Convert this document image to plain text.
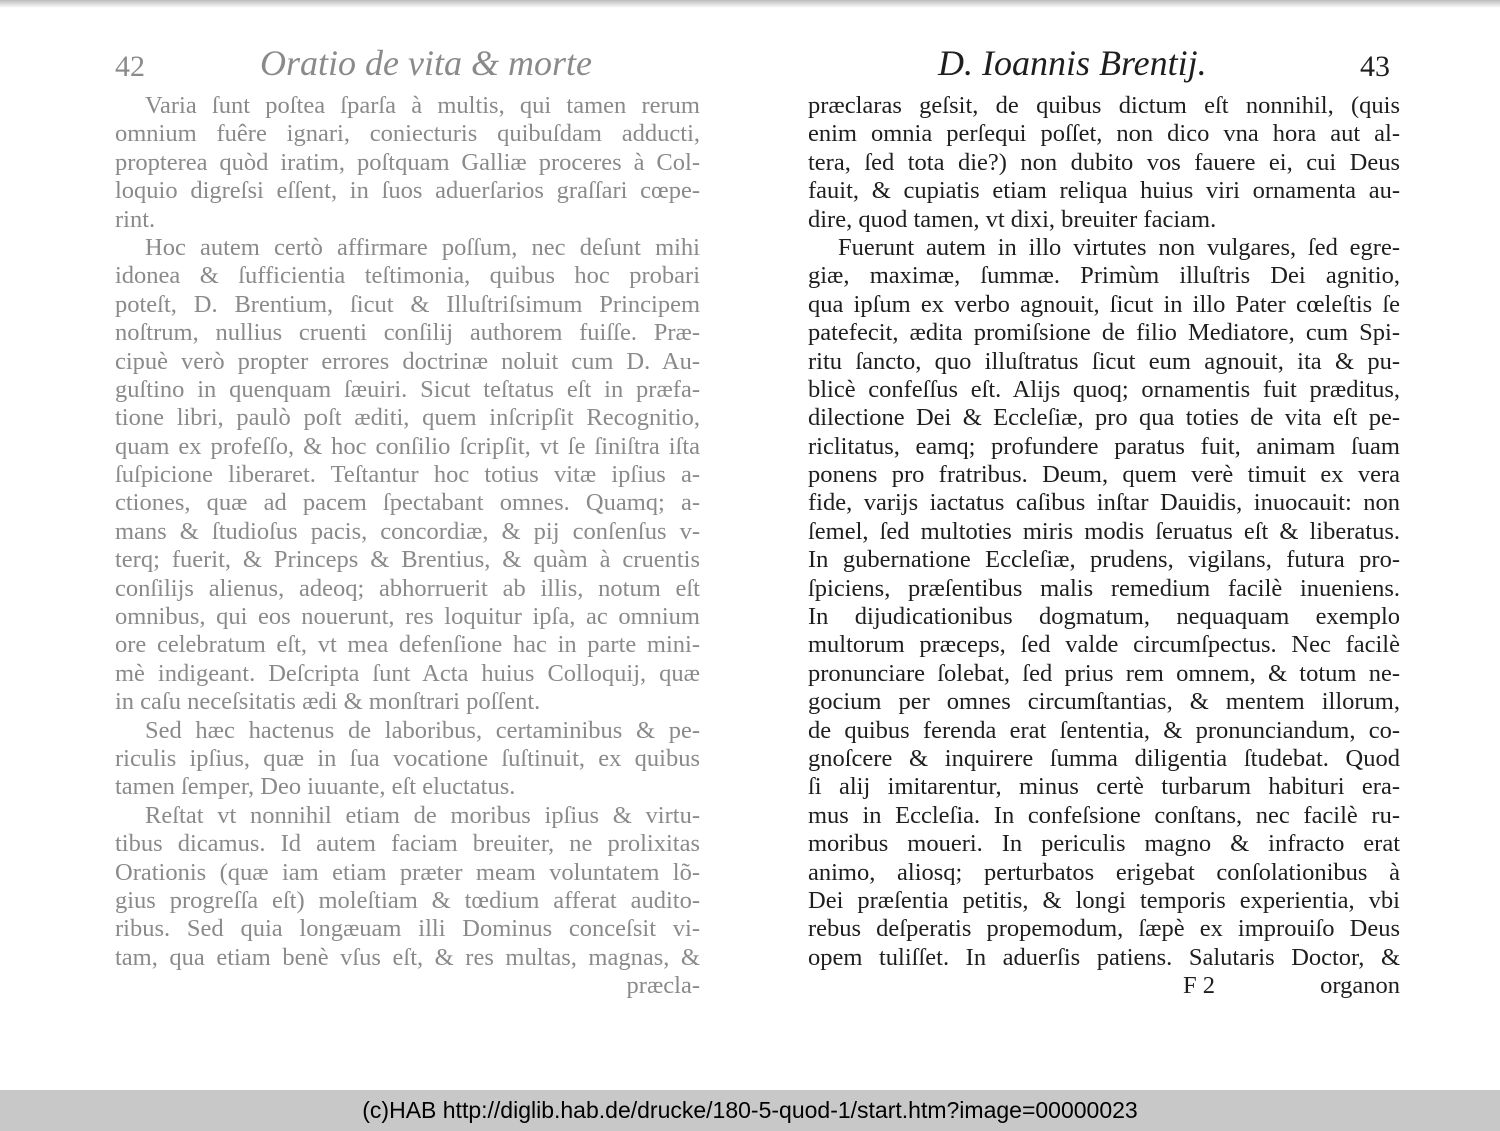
42	Oratio de vita & morte
Varia ſunt poſtea ſparſa à multis, qui tamen rerum
omnium fuêre ignari, coniecturis quibuſdam adducti,
propterea quòd iratim, poſtquam Galliæ proceres à Col-
loquio digreſsi eſſent, in ſuos aduerſarios graſſari cœpe-
rint.
Hoc autem certò affirmare poſſum, nec deſunt mihi
idonea & ſufficientia teſtimonia, quibus hoc probari
poteſt, D. Brentium, ſicut & Illuſtriſsimum Principem
noſtrum, nullius cruenti conſilij authorem fuiſſe. Præ-
cipuè verò propter errores doctrinæ noluit cum D. Au-
guſtino in quenquam ſæuiri. Sicut teſtatus eſt in præfa-
tione libri, paulò poſt æditi, quem inſcripſit Recognitio,
quam ex profeſſo, & hoc conſilio ſcripſit, vt ſe ſiniſtra iſta
ſuſpicione liberaret. Teſtantur hoc totius vitæ ipſius a-
ctiones, quæ ad pacem ſpectabant omnes. Quamq; a-
mans & ſtudioſus pacis, concordiæ, & pij conſenſus v-
terq; fuerit, & Princeps & Brentius, & quàm à cruentis
conſilijs alienus, adeoq; abhorruerit ab illis, notum eſt
omnibus, qui eos nouerunt, res loquitur ipſa, ac omnium
ore celebratum eſt, vt mea defenſione hac in parte mini-
mè indigeant. Deſcripta ſunt Acta huius Colloquij, quæ
in caſu neceſsitatis ædi & monſtrari poſſent.
Sed hæc hactenus de laboribus, certaminibus & pe-
riculis ipſius, quæ in ſua vocatione ſuſtinuit, ex quibus
tamen ſemper, Deo iuuante, eſt eluctatus.
Reſtat vt nonnihil etiam de moribus ipſius & virtu-
tibus dicamus. Id autem faciam breuiter, ne prolixitas
Orationis (quæ iam etiam præter meam voluntatem lõ-
gius progreſſa eſt) moleſtiam & tœdium afferat audito-
ribus. Sed quia longæuam illi Dominus conceſsit vi-
tam, qua etiam benè vſus eſt, & res multas, magnas, &
præcla-
D. Ioannis Brentij.	43
præclaras geſsit, de quibus dictum eſt nonnihil, (quis
enim omnia perſequi poſſet, non dico vna hora aut al-
tera, ſed tota die?) non dubito vos fauere ei, cui Deus
fauit, & cupiatis etiam reliqua huius viri ornamenta au-
dire, quod tamen, vt dixi, breuiter faciam.
Fuerunt autem in illo virtutes non vulgares, ſed egre-
giæ, maximæ, ſummæ. Primùm illuſtris Dei agnitio,
qua ipſum ex verbo agnouit, ſicut in illo Pater cœleſtis ſe
patefecit, ædita promiſsione de filio Mediatore, cum Spi-
ritu ſancto, quo illuſtratus ſicut eum agnouit, ita & pu-
blicè confeſſus eſt. Alijs quoq; ornamentis fuit præditus,
dilectione Dei & Eccleſiæ, pro qua toties de vita eſt pe-
riclitatus, eamq; profundere paratus fuit, animam ſuam
ponens pro fratribus. Deum, quem verè timuit ex vera
fide, varijs iactatus caſibus inſtar Dauidis, inuocauit: non
ſemel, ſed multoties miris modis ſeruatus eſt & liberatus.
In gubernatione Eccleſiæ, prudens, vigilans, futura pro-
ſpiciens, præſentibus malis remedium facilè inueniens.
In dijudicationibus dogmatum, nequaquam exemplo
multorum præceps, ſed valde circumſpectus. Nec facilè
pronunciare ſolebat, ſed prius rem omnem, & totum ne-
gocium per omnes circumſtantias, & mentem illorum,
de quibus ferenda erat ſententia, & pronunciandum, co-
gnoſcere & inquirere ſumma diligentia ſtudebat. Quod
ſi alij imitarentur, minus certè turbarum habituri era-
mus in Eccleſia. In confeſsione conſtans, nec facilè ru-
moribus moueri. In periculis magno & infracto erat
animo, aliosq; perturbatos erigebat conſolationibus à
Dei præſentia petitis, & longi temporis experientia, vbi
rebus deſperatis propemodum, ſæpè ex improuiſo Deus
opem tuliſſet. In aduerſis patiens. Salutaris Doctor, &
F 2	organon
(c)HAB http://diglib.hab.de/drucke/180-5-quod-1/start.htm?image=00000023
